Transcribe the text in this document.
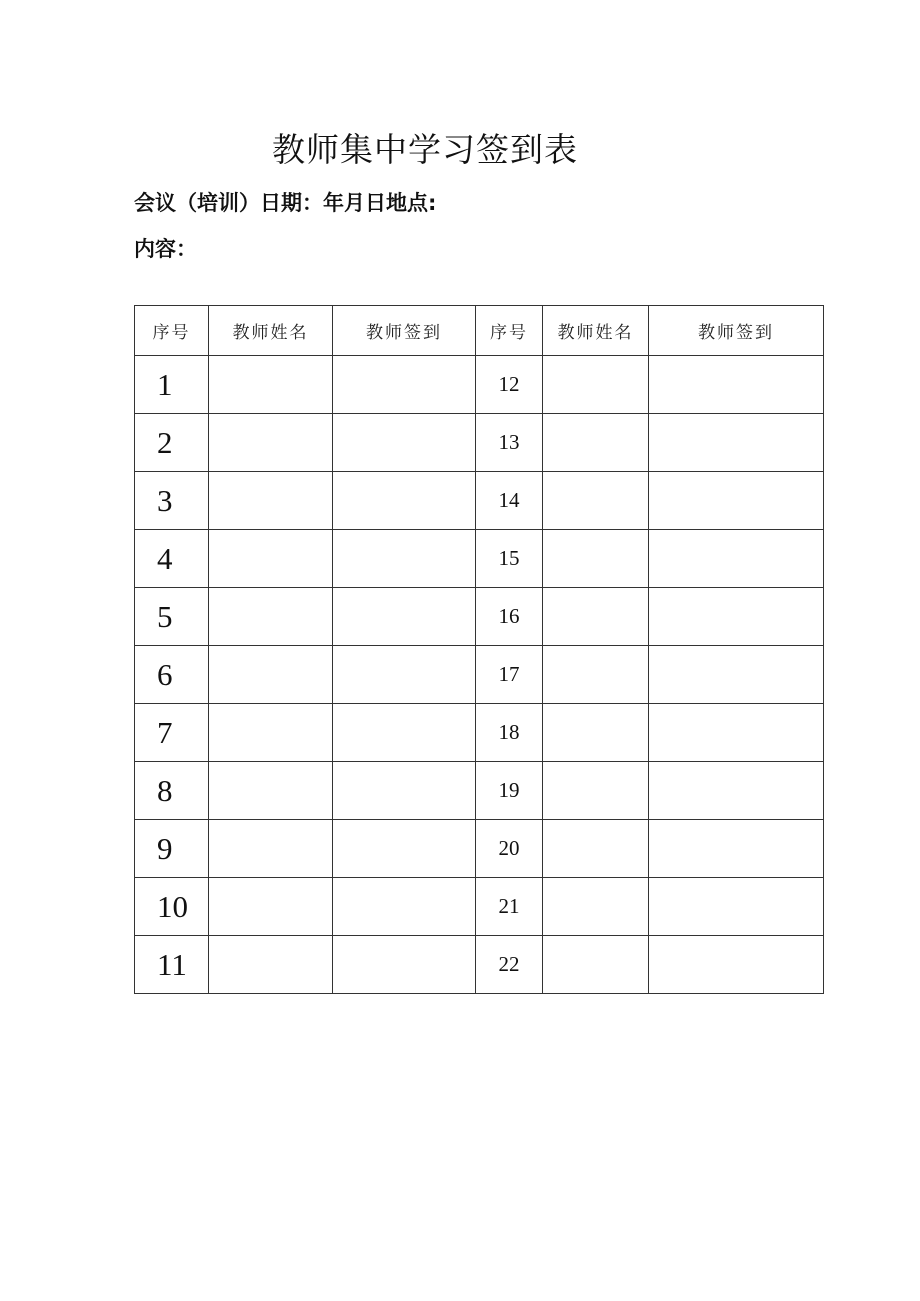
教师集中学习签到表
会议（培训）日期：年月日地点:
内容：
序号	教师姓名	教师签到	序号	教师姓名	教师签到
1			12		
2			13		
3			14		
4			15		
5			16		
6			17		
7			18		
8			19		
9			20		
10			21		
11			22		
